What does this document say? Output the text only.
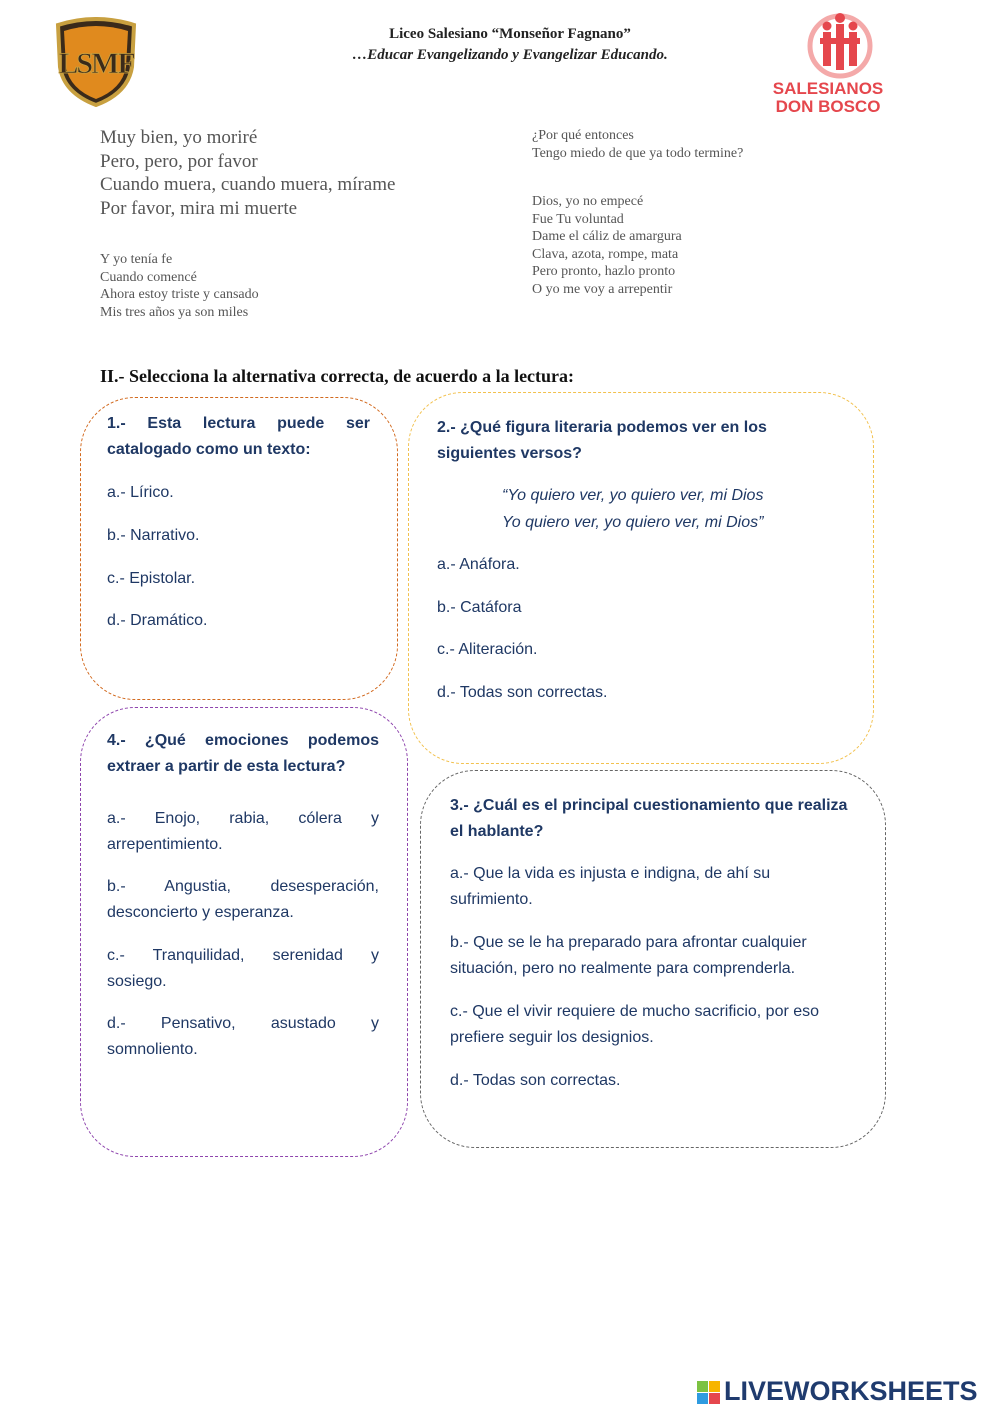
LSMF
Liceo Salesiano “Monseñor Fagnano”
…Educar Evangelizando y Evangelizar Educando.
SALESIANOS
DON BOSCO
Muy bien, yo moriré
Pero, pero, por favor
Cuando muera, cuando muera, mírame
Por favor, mira mi muerte
Y yo tenía fe
Cuando comencé
Ahora estoy triste y cansado
Mis tres años ya son miles
¿Por qué entonces
Tengo miedo de que ya todo termine?
Dios, yo no empecé
Fue Tu voluntad
Dame el cáliz de amargura
Clava, azota, rompe, mata
Pero pronto, hazlo pronto
O yo me voy a arrepentir
II.- Selecciona la alternativa correcta, de acuerdo a la lectura:
1.- Esta lectura puede ser
catalogado como un texto:
a.- Lírico.
b.- Narrativo.
c.- Epistolar.
d.- Dramático.
2.- ¿Qué figura literaria podemos ver en los
siguientes versos?
“Yo quiero ver, yo quiero ver, mi Dios
Yo quiero ver, yo quiero ver, mi Dios”
a.- Anáfora.
b.- Catáfora
c.- Aliteración.
d.- Todas son correctas.
4.- ¿Qué emociones podemos
extraer a partir de esta lectura?
a.- Enojo, rabia, cólera y
arrepentimiento.
b.- Angustia, desesperación,
desconcierto y esperanza.
c.- Tranquilidad, serenidad y
sosiego.
d.- Pensativo, asustado y
somnoliento.
3.- ¿Cuál es el principal cuestionamiento que realiza
el hablante?
a.- Que la vida es injusta e indigna, de ahí su
sufrimiento.
b.- Que se le ha preparado para afrontar cualquier
situación, pero no realmente para comprenderla.
c.- Que el vivir requiere de mucho sacrificio, por eso
prefiere seguir los designios.
d.- Todas son correctas.
LIVEWORKSHEETS
